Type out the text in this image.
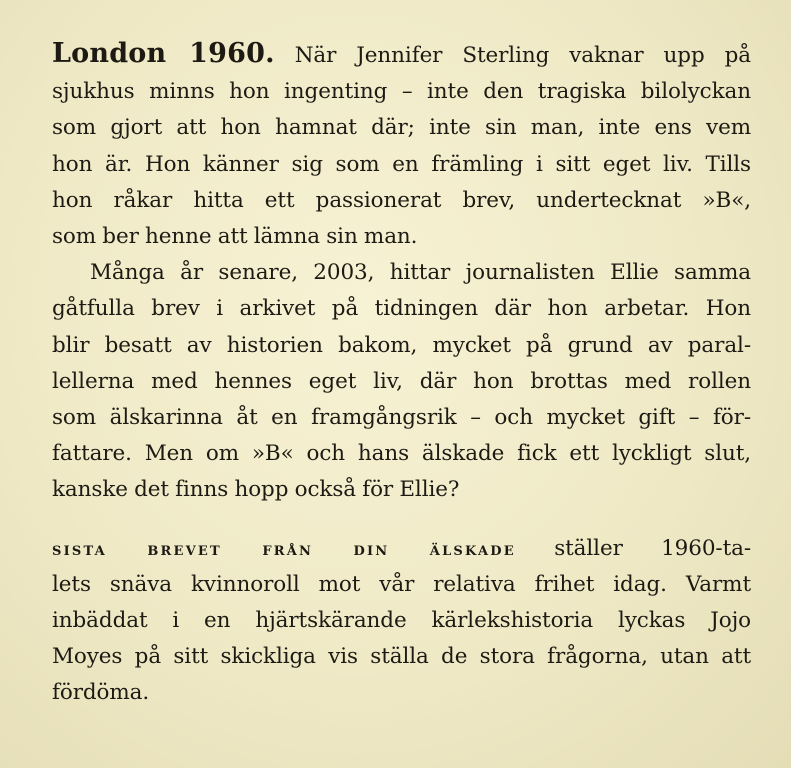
London 1960. När Jennifer Sterling vaknar upp på
sjukhus minns hon ingenting – inte den tragiska bilolyckan
som gjort att hon hamnat där; inte sin man, inte ens vem
hon är. Hon känner sig som en främling i sitt eget liv. Tills
hon råkar hitta ett passionerat brev, undertecknat »B«,
som ber henne att lämna sin man.

Många år senare, 2003, hittar journalisten Ellie samma
gåtfulla brev i arkivet på tidningen där hon arbetar. Hon
blir besatt av historien bakom, mycket på grund av paral-
lellerna med hennes eget liv, där hon brottas med rollen
som älskarinna åt en framgångsrik – och mycket gift – för-
fattare. Men om »B« och hans älskade fick ett lyckligt slut,
kanske det finns hopp också för Ellie?

sista brevet från din älskade ställer 1960-ta-
lets snäva kvinnoroll mot vår relativa frihet idag. Varmt
inbäddat i en hjärtskärande kärlekshistoria lyckas Jojo
Moyes på sitt skickliga vis ställa de stora frågorna, utan att
fördöma.
